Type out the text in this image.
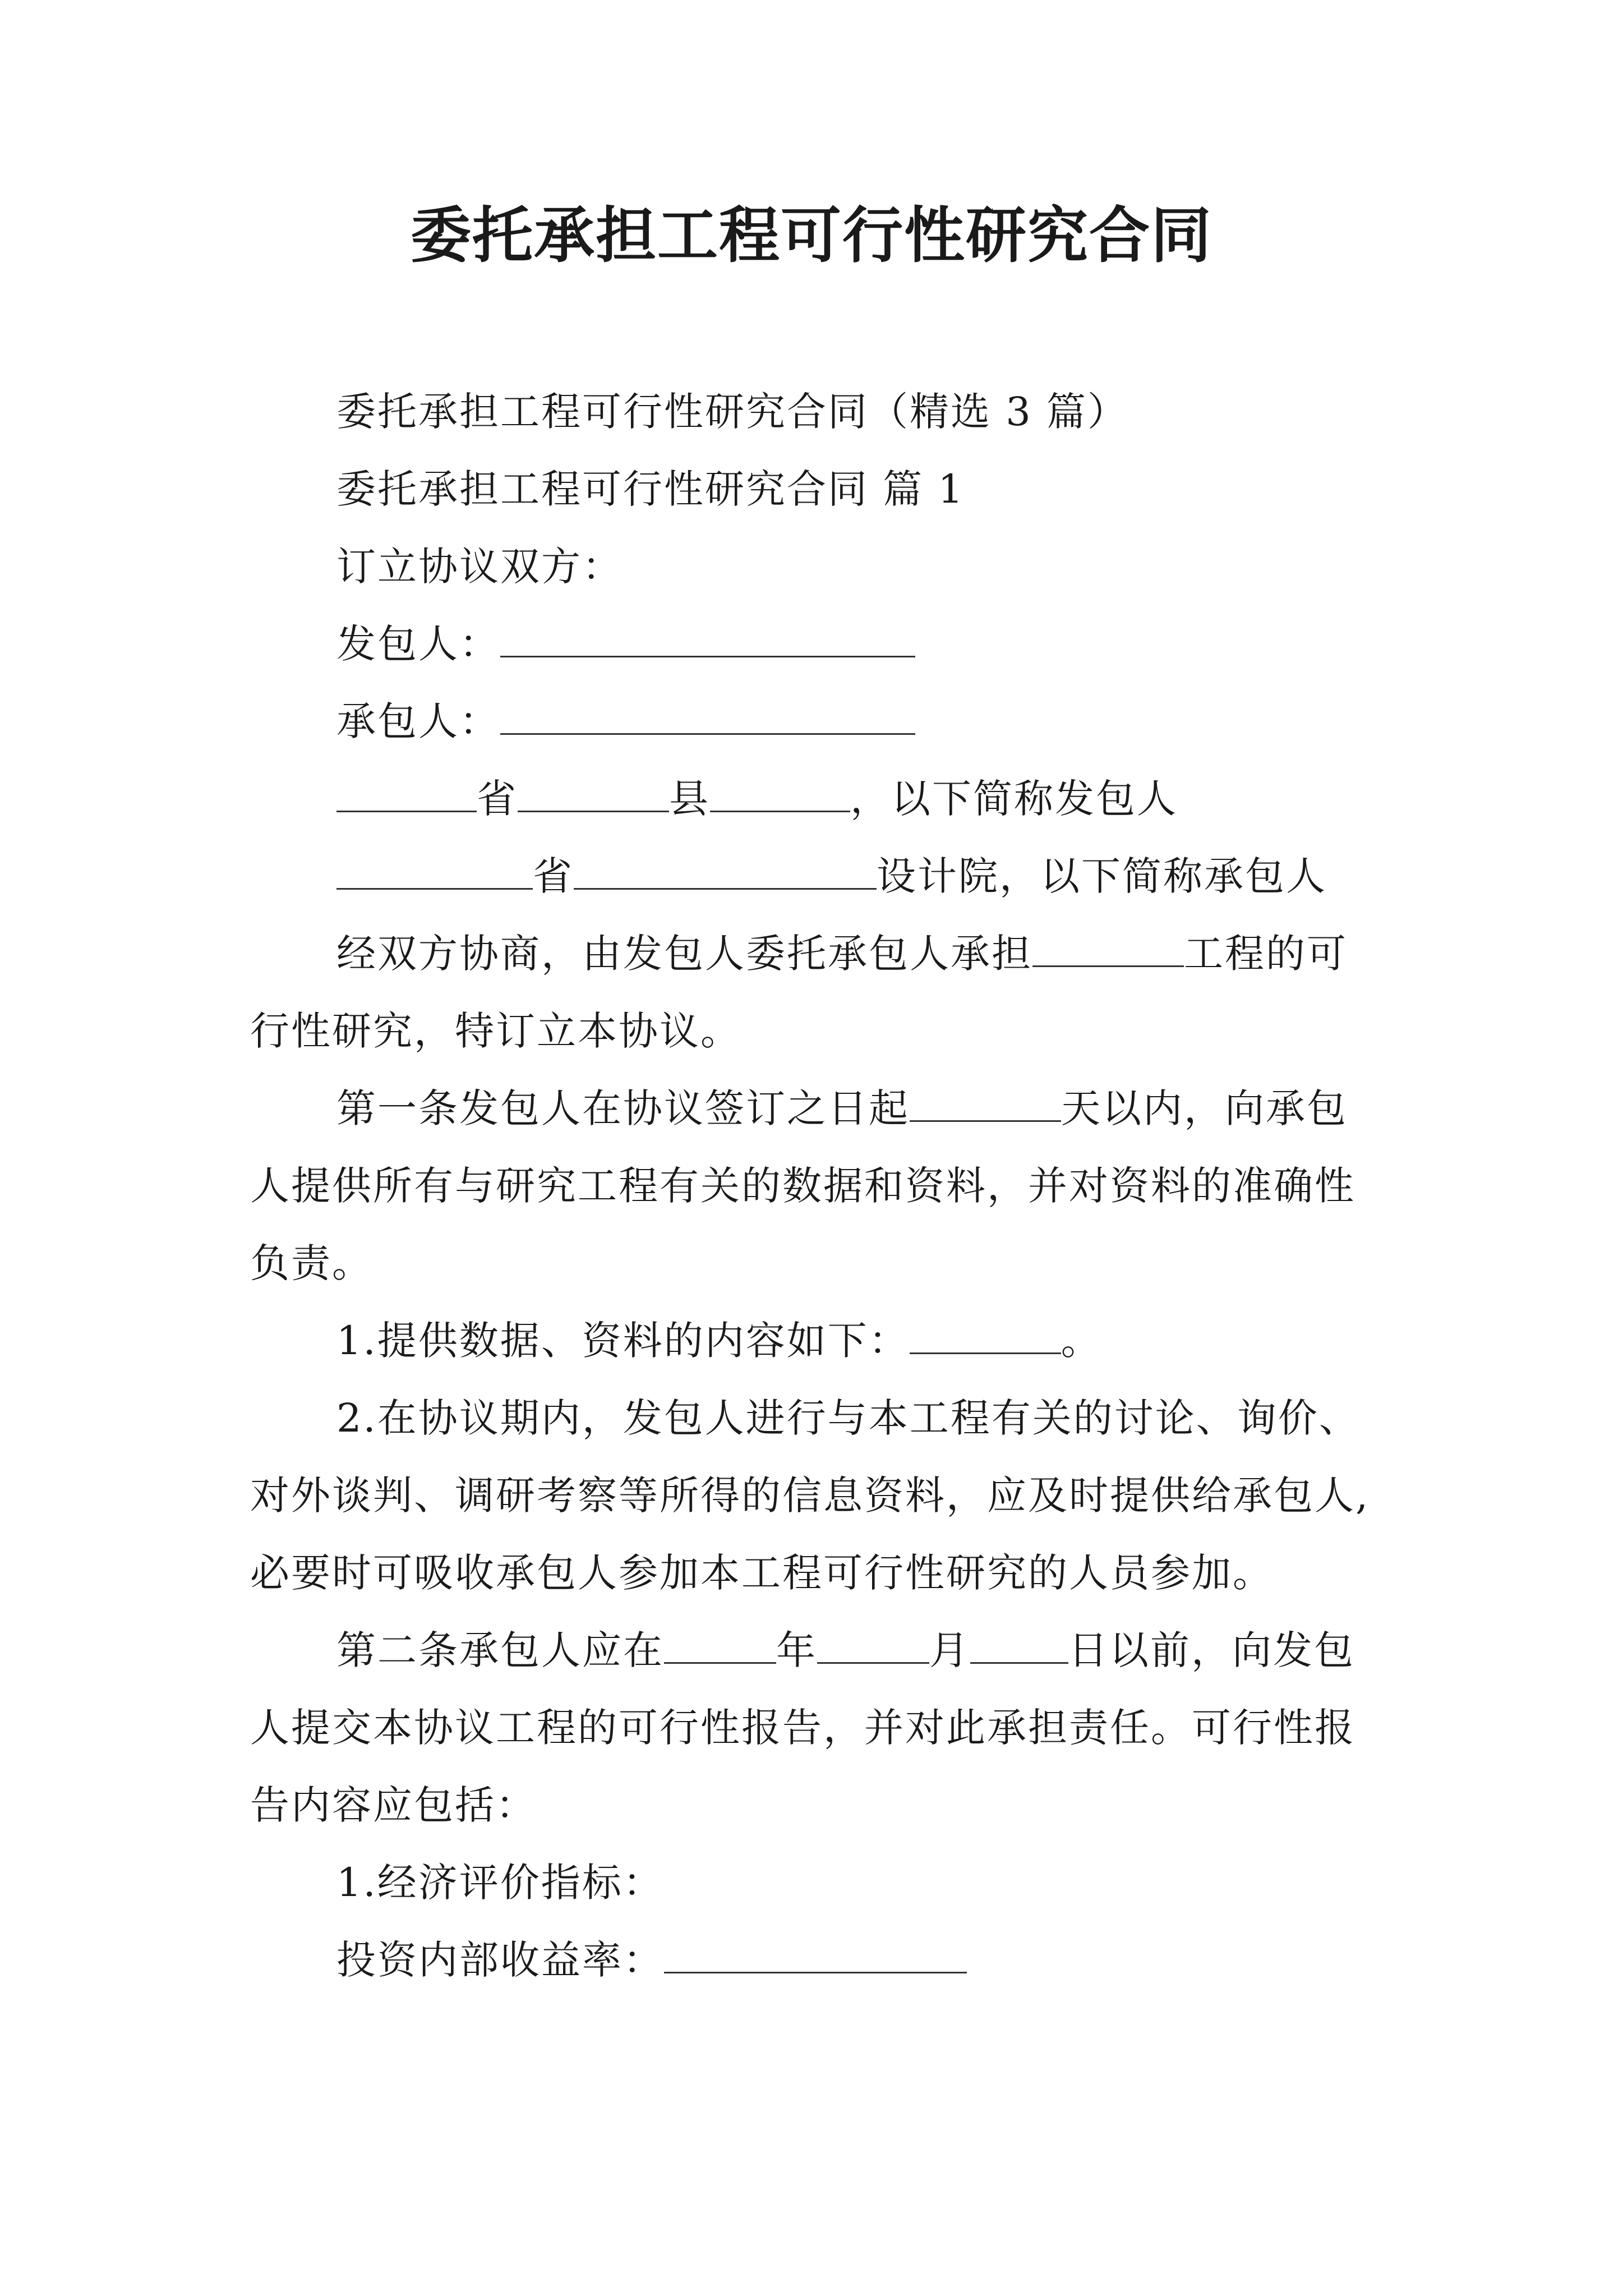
委托承担工程可行性研究合同

委托承担工程可行性研究合同（精选 3 篇）

委托承担工程可行性研究合同 篇 1

订立协议双方：

发包人：

承包人：

省	县	，以下简称发包人

省	设计院，以下简称承包人

经双方协商，由发包人委托承包人承担	工程的可行性研究，特订立本协议。

第一条发包人在协议签订之日起	天以内，向承包人提供所有与研究工程有关的数据和资料，并对资料的准确性负责。

1.提供数据、资料的内容如下：	。

2.在协议期内，发包人进行与本工程有关的讨论、询价、对外谈判、调研考察等所得的信息资料，应及时提供给承包人,必要时可吸收承包人参加本工程可行性研究的人员参加。

第二条承包人应在	年	月	日以前，向发包人提交本协议工程的可行性报告，并对此承担责任。可行性报告内容应包括：

1.经济评价指标：

投资内部收益率：
